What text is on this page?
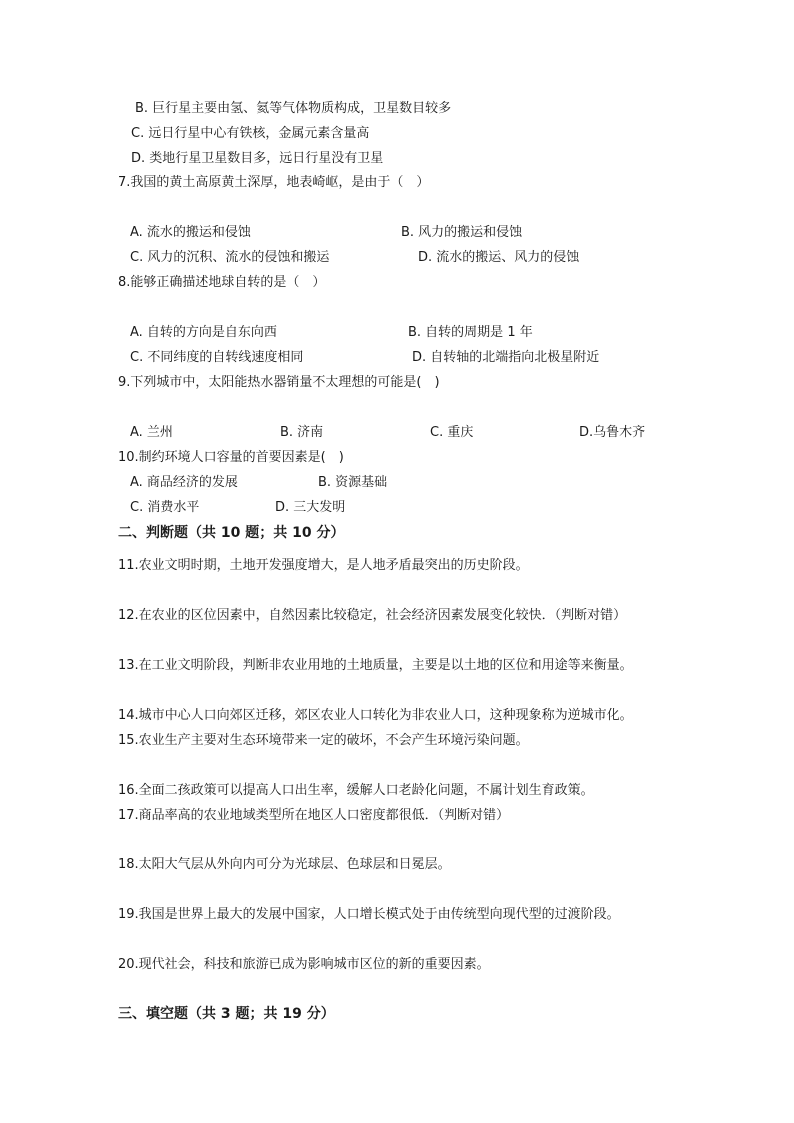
B. 巨行星主要由氢、氦等气体物质构成，卫星数目较多
C. 远日行星中心有铁核，金属元素含量高
D. 类地行星卫星数目多，远日行星没有卫星
7.我国的黄土高原黄土深厚，地表崎岖，是由于（　）
A. 流水的搬运和侵蚀	B. 风力的搬运和侵蚀
C. 风力的沉积、流水的侵蚀和搬运	D. 流水的搬运、风力的侵蚀
8.能够正确描述地球自转的是（　）
A. 自转的方向是自东向西	B. 自转的周期是 1 年
C. 不同纬度的自转线速度相同	D. 自转轴的北端指向北极星附近
9.下列城市中，太阳能热水器销量不太理想的可能是(　)
A. 兰州	B. 济南	C. 重庆	D.乌鲁木齐
10.制约环境人口容量的首要因素是(　)
A. 商品经济的发展	B. 资源基础
C. 消费水平	D. 三大发明
二、判断题（共 10 题；共 10 分）
11.农业文明时期，土地开发强度增大，是人地矛盾最突出的历史阶段。
12.在农业的区位因素中，自然因素比较稳定，社会经济因素发展变化较快．（判断对错）
13.在工业文明阶段，判断非农业用地的土地质量，主要是以土地的区位和用途等来衡量。
14.城市中心人口向郊区迁移，郊区农业人口转化为非农业人口，这种现象称为逆城市化。
15.农业生产主要对生态环境带来一定的破坏，不会产生环境污染问题。
16.全面二孩政策可以提高人口出生率，缓解人口老龄化问题，不属计划生育政策。
17.商品率高的农业地域类型所在地区人口密度都很低．（判断对错）
18.太阳大气层从外向内可分为光球层、色球层和日冕层。
19.我国是世界上最大的发展中国家，人口增长模式处于由传统型向现代型的过渡阶段。
20.现代社会，科技和旅游已成为影响城市区位的新的重要因素。
三、填空题（共 3 题；共 19 分）
